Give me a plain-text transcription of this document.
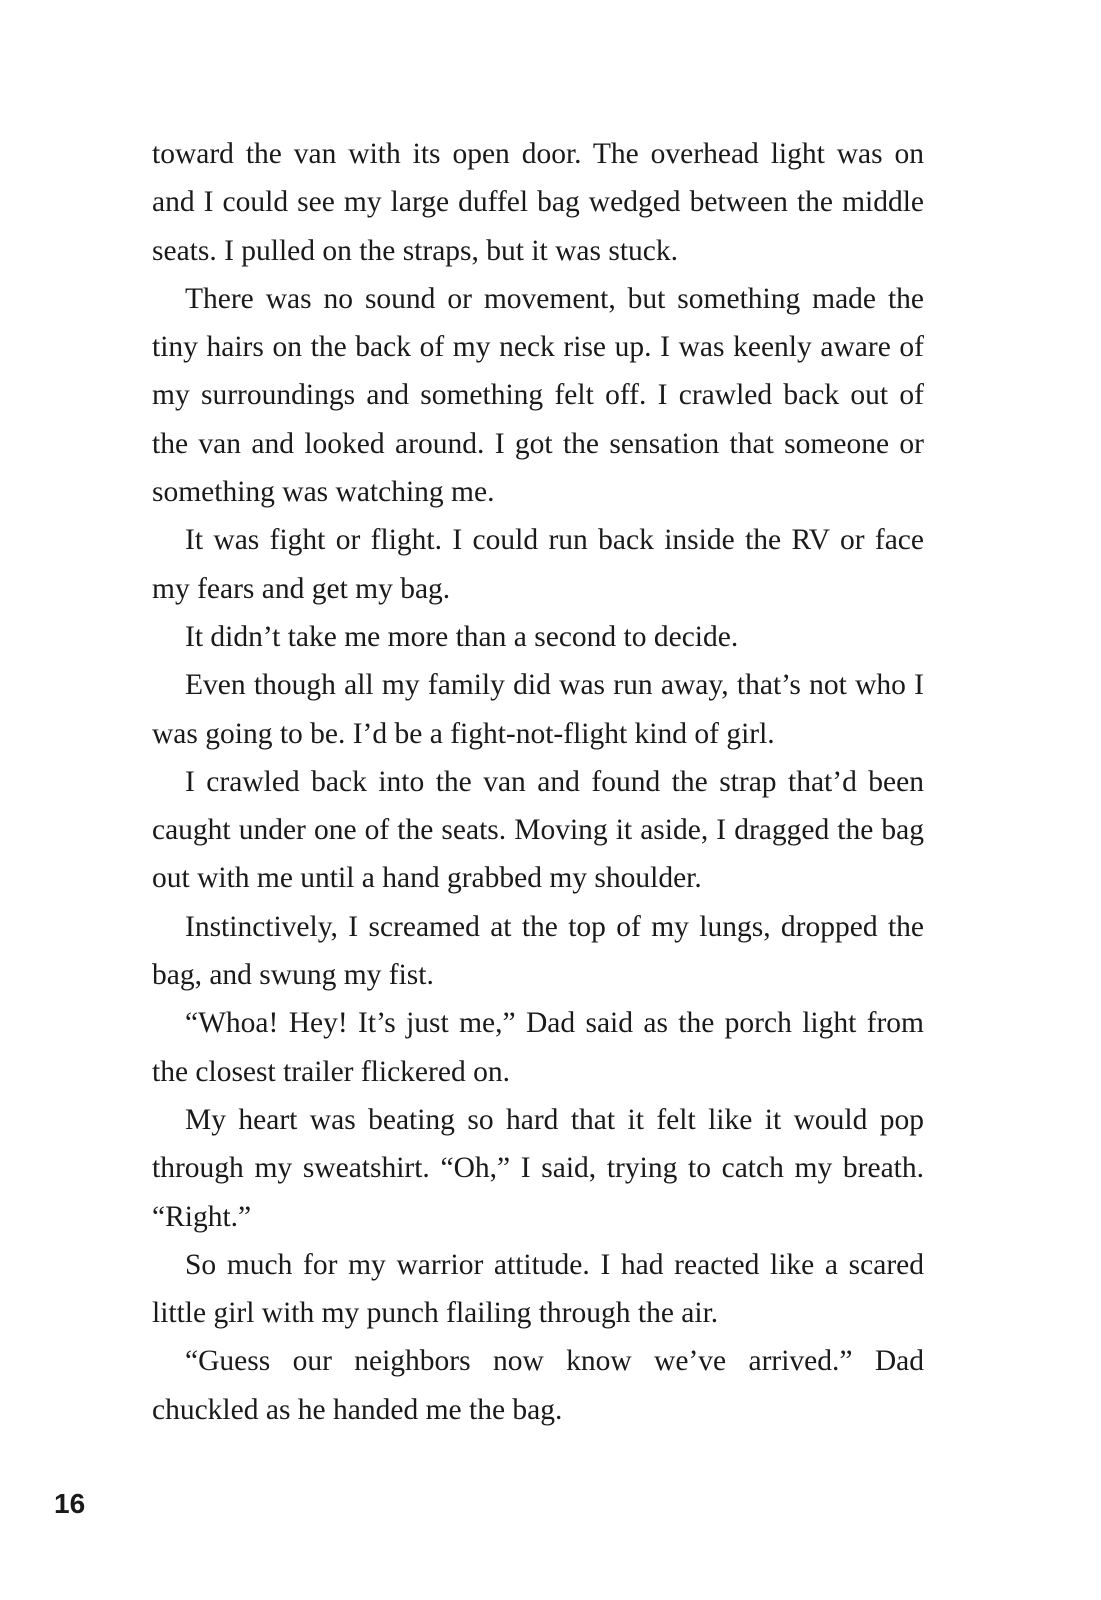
toward the van with its open door. The overhead light was on and I could see my large duffel bag wedged between the middle seats. I pulled on the straps, but it was stuck.

There was no sound or movement, but something made the tiny hairs on the back of my neck rise up. I was keenly aware of my surroundings and something felt off. I crawled back out of the van and looked around. I got the sensation that someone or something was watching me.

It was fight or flight. I could run back inside the RV or face my fears and get my bag.

It didn’t take me more than a second to decide.

Even though all my family did was run away, that’s not who I was going to be. I’d be a fight-not-flight kind of girl.

I crawled back into the van and found the strap that’d been caught under one of the seats. Moving it aside, I dragged the bag out with me until a hand grabbed my shoulder.

Instinctively, I screamed at the top of my lungs, dropped the bag, and swung my fist.

“Whoa! Hey! It’s just me,” Dad said as the porch light from the closest trailer flickered on.

My heart was beating so hard that it felt like it would pop through my sweatshirt. “Oh,” I said, trying to catch my breath. “Right.”

So much for my warrior attitude. I had reacted like a scared little girl with my punch flailing through the air.

“Guess our neighbors now know we’ve arrived.” Dad chuckled as he handed me the bag.

16
